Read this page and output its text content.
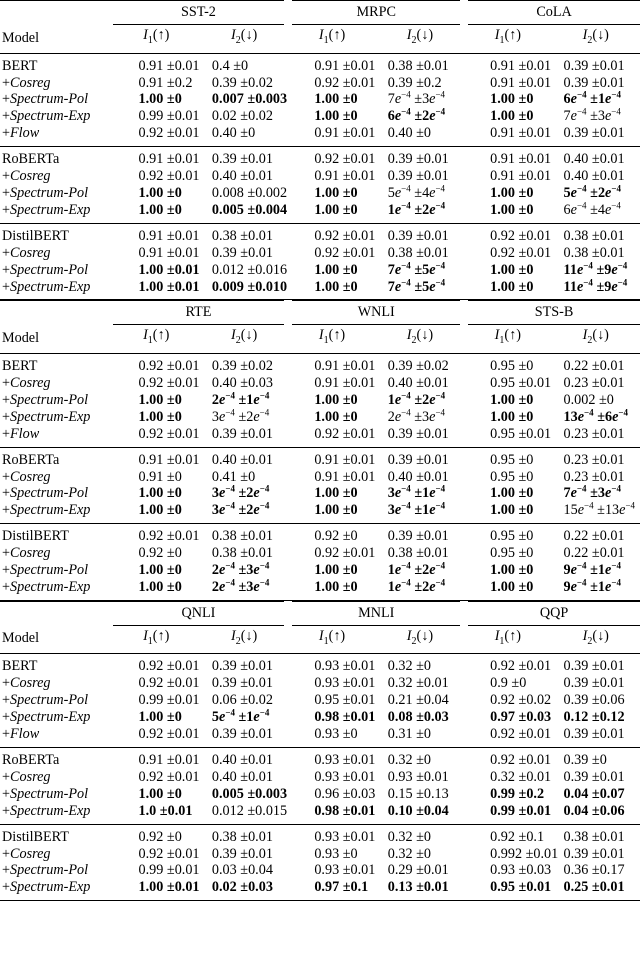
	SST-2		MRPC		CoLA	
Model	$I_1(↑)$	$I_2(↓)$	$I_1(↑)$	$I_2(↓)$	$I_1(↑)$	$I_2(↓)$
BERT	0.91 ±0.01	0.4 ±0	0.91 ±0.01	0.38 ±0.01	0.91 ±0.01	0.39 ±0.01
+Cosreg	0.91 ±0.2	0.39 ±0.02	0.92 ±0.01	0.39 ±0.2	0.91 ±0.01	0.39 ±0.01
+Spectrum-Pol	1.00 ±0	0.007 ±0.003	1.00 ±0	$7e^{-4} \pm 3e^{-4}$	1.00 ±0	$6e^{-4} \pm 1e^{-4}$
+Spectrum-Exp	0.99 ±0.01	0.02 ±0.02	1.00 ±0	$6e^{-4} \pm 2e^{-4}$	1.00 ±0	$7e^{-4} \pm 3e^{-4}$
+Flow	0.92 ±0.01	0.40 ±0	0.91 ±0.01	0.40 ±0	0.91 ±0.01	0.39 ±0.01
RoBERTa	0.91 ±0.01	0.39 ±0.01	0.92 ±0.01	0.39 ±0.01	0.91 ±0.01	0.40 ±0.01
+Cosreg	0.92 ±0.01	0.40 ±0.01	0.91 ±0.01	0.39 ±0.01	0.91 ±0.01	0.40 ±0.01
+Spectrum-Pol	1.00 ±0	0.008 ±0.002	1.00 ±0	$5e^{-4} \pm 4e^{-4}$	1.00 ±0	$5e^{-4} \pm 2e^{-4}$
+Spectrum-Exp	1.00 ±0	0.005 ±0.004	1.00 ±0	$1e^{-4} \pm 2e^{-4}$	1.00 ±0	$6e^{-4} \pm 4e^{-4}$
DistilBERT	0.91 ±0.01	0.38 ±0.01	0.92 ±0.01	0.39 ±0.01	0.92 ±0.01	0.38 ±0.01
+Cosreg	0.91 ±0.01	0.39 ±0.01	0.92 ±0.01	0.38 ±0.01	0.92 ±0.01	0.38 ±0.01
+Spectrum-Pol	1.00 ±0.01	0.012 ±0.016	1.00 ±0	$7e^{-4} \pm 5e^{-4}$	1.00 ±0	$11e^{-4} \pm 9e^{-4}$
+Spectrum-Exp	1.00 ±0.01	0.009 ±0.010	1.00 ±0	$7e^{-4} \pm 5e^{-4}$	1.00 ±0	$11e^{-4} \pm 9e^{-4}$
	RTE		WNLI		STS-B	
Model	$I_1(↑)$	$I_2(↓)$	$I_1(↑)$	$I_2(↓)$	$I_1(↑)$	$I_2(↓)$
BERT	0.92 ±0.01	0.39 ±0.02	0.91 ±0.01	0.39 ±0.02	0.95 ±0	0.22 ±0.01
+Cosreg	0.92 ±0.01	0.40 ±0.03	0.91 ±0.01	0.40 ±0.01	0.95 ±0.01	0.23 ±0.01
+Spectrum-Pol	1.00 ±0	$2e^{-4} \pm 1e^{-4}$	1.00 ±0	$1e^{-4} \pm 2e^{-4}$	1.00 ±0	0.002 ±0
+Spectrum-Exp	1.00 ±0	$3e^{-4} \pm 2e^{-4}$	1.00 ±0	$2e^{-4} \pm 3e^{-4}$	1.00 ±0	$13e^{-4} \pm 6e^{-4}$
+Flow	0.92 ±0.01	0.39 ±0.01	0.92 ±0.01	0.39 ±0.01	0.95 ±0.01	0.23 ±0.01
RoBERTa	0.91 ±0.01	0.40 ±0.01	0.91 ±0.01	0.39 ±0.01	0.95 ±0	0.23 ±0.01
+Cosreg	0.91 ±0	0.41 ±0	0.91 ±0.01	0.40 ±0.01	0.95 ±0	0.23 ±0.01
+Spectrum-Pol	1.00 ±0	$3e^{-4} \pm 2e^{-4}$	1.00 ±0	$3e^{-4} \pm 1e^{-4}$	1.00 ±0	$7e^{-4} \pm 3e^{-4}$
+Spectrum-Exp	1.00 ±0	$3e^{-4} \pm 2e^{-4}$	1.00 ±0	$3e^{-4} \pm 1e^{-4}$	1.00 ±0	$15e^{-4} \pm 13e^{-4}$
DistilBERT	0.92 ±0.01	0.38 ±0.01	0.92 ±0	0.39 ±0.01	0.95 ±0	0.22 ±0.01
+Cosreg	0.92 ±0	0.38 ±0.01	0.92 ±0.01	0.38 ±0.01	0.95 ±0	0.22 ±0.01
+Spectrum-Pol	1.00 ±0	$2e^{-4} \pm 3e^{-4}$	1.00 ±0	$1e^{-4} \pm 2e^{-4}$	1.00 ±0	$9e^{-4} \pm 1e^{-4}$
+Spectrum-Exp	1.00 ±0	$2e^{-4} \pm 3e^{-4}$	1.00 ±0	$1e^{-4} \pm 2e^{-4}$	1.00 ±0	$9e^{-4} \pm 1e^{-4}$
	QNLI		MNLI		QQP	
Model	$I_1(↑)$	$I_2(↓)$	$I_1(↑)$	$I_2(↓)$	$I_1(↑)$	$I_2(↓)$
BERT	0.92 ±0.01	0.39 ±0.01	0.93 ±0.01	0.32 ±0	0.92 ±0.01	0.39 ±0.01
+Cosreg	0.92 ±0.01	0.39 ±0.01	0.93 ±0.01	0.32 ±0.01	0.9 ±0	0.39 ±0.01
+Spectrum-Pol	0.99 ±0.01	0.06 ±0.02	0.95 ±0.01	0.21 ±0.04	0.92 ±0.02	0.39 ±0.06
+Spectrum-Exp	1.00 ±0	$5e^{-4} \pm 1e^{-4}$	0.98 ±0.01	0.08 ±0.03	0.97 ±0.03	0.12 ±0.12
+Flow	0.92 ±0.01	0.39 ±0.01	0.93 ±0	0.31 ±0	0.92 ±0.01	0.39 ±0.01
RoBERTa	0.91 ±0.01	0.40 ±0.01	0.93 ±0.01	0.32 ±0	0.92 ±0.01	0.39 ±0
+Cosreg	0.92 ±0.01	0.40 ±0.01	0.93 ±0.01	0.93 ±0.01	0.32 ±0.01	0.39 ±0.01
+Spectrum-Pol	1.00 ±0	0.005 ±0.003	0.96 ±0.03	0.15 ±0.13	0.99 ±0.2	0.04 ±0.07
+Spectrum-Exp	1.0 ±0.01	0.012 ±0.015	0.98 ±0.01	0.10 ±0.04	0.99 ±0.01	0.04 ±0.06
DistilBERT	0.92 ±0	0.38 ±0.01	0.93 ±0.01	0.32 ±0	0.92 ±0.1	0.38 ±0.01
+Cosreg	0.92 ±0.01	0.39 ±0.01	0.93 ±0	0.32 ±0	0.992 ±0.01	0.39 ±0.01
+Spectrum-Pol	0.99 ±0.01	0.03 ±0.04	0.93 ±0.01	0.29 ±0.01	0.93 ±0.03	0.36 ±0.17
+Spectrum-Exp	1.00 ±0.01	0.02 ±0.03	0.97 ±0.1	0.13 ±0.01	0.95 ±0.01	0.25 ±0.01
